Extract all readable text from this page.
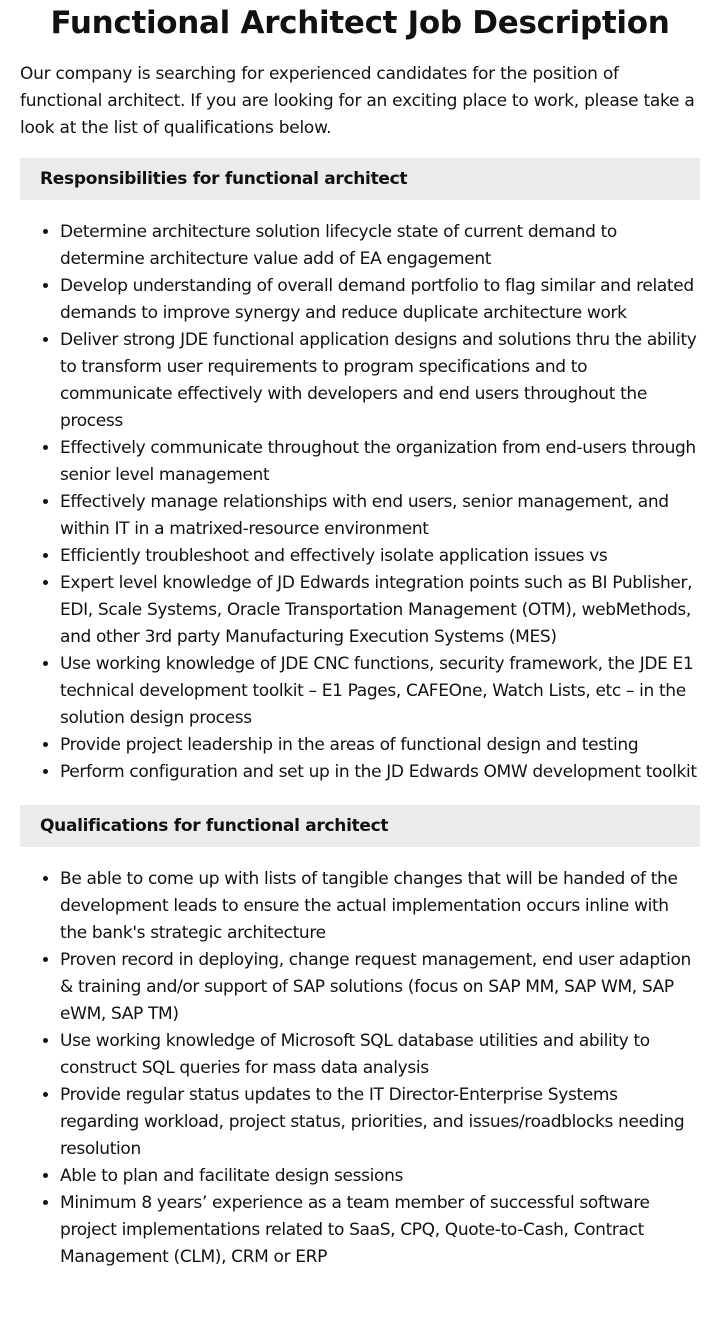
Functional Architect Job Description

Our company is searching for experienced candidates for the position of functional architect. If you are looking for an exciting place to work, please take a look at the list of qualifications below.

Responsibilities for functional architect
• Determine architecture solution lifecycle state of current demand to determine architecture value add of EA engagement
• Develop understanding of overall demand portfolio to flag similar and related demands to improve synergy and reduce duplicate architecture work
• Deliver strong JDE functional application designs and solutions thru the ability to transform user requirements to program specifications and to communicate effectively with developers and end users throughout the process
• Effectively communicate throughout the organization from end-users through senior level management
• Effectively manage relationships with end users, senior management, and within IT in a matrixed-resource environment
• Efficiently troubleshoot and effectively isolate application issues vs
• Expert level knowledge of JD Edwards integration points such as BI Publisher, EDI, Scale Systems, Oracle Transportation Management (OTM), webMethods, and other 3rd party Manufacturing Execution Systems (MES)
• Use working knowledge of JDE CNC functions, security framework, the JDE E1 technical development toolkit – E1 Pages, CAFEOne, Watch Lists, etc – in the solution design process
• Provide project leadership in the areas of functional design and testing
• Perform configuration and set up in the JD Edwards OMW development toolkit
Qualifications for functional architect
• Be able to come up with lists of tangible changes that will be handed of the development leads to ensure the actual implementation occurs inline with the bank's strategic architecture
• Proven record in deploying, change request management, end user adaption & training and/or support of SAP solutions (focus on SAP MM, SAP WM, SAP eWM, SAP TM)
• Use working knowledge of Microsoft SQL database utilities and ability to construct SQL queries for mass data analysis
• Provide regular status updates to the IT Director-Enterprise Systems regarding workload, project status, priorities, and issues/roadblocks needing resolution
• Able to plan and facilitate design sessions
• Minimum 8 years’ experience as a team member of successful software project implementations related to SaaS, CPQ, Quote-to-Cash, Contract Management (CLM), CRM or ERP
